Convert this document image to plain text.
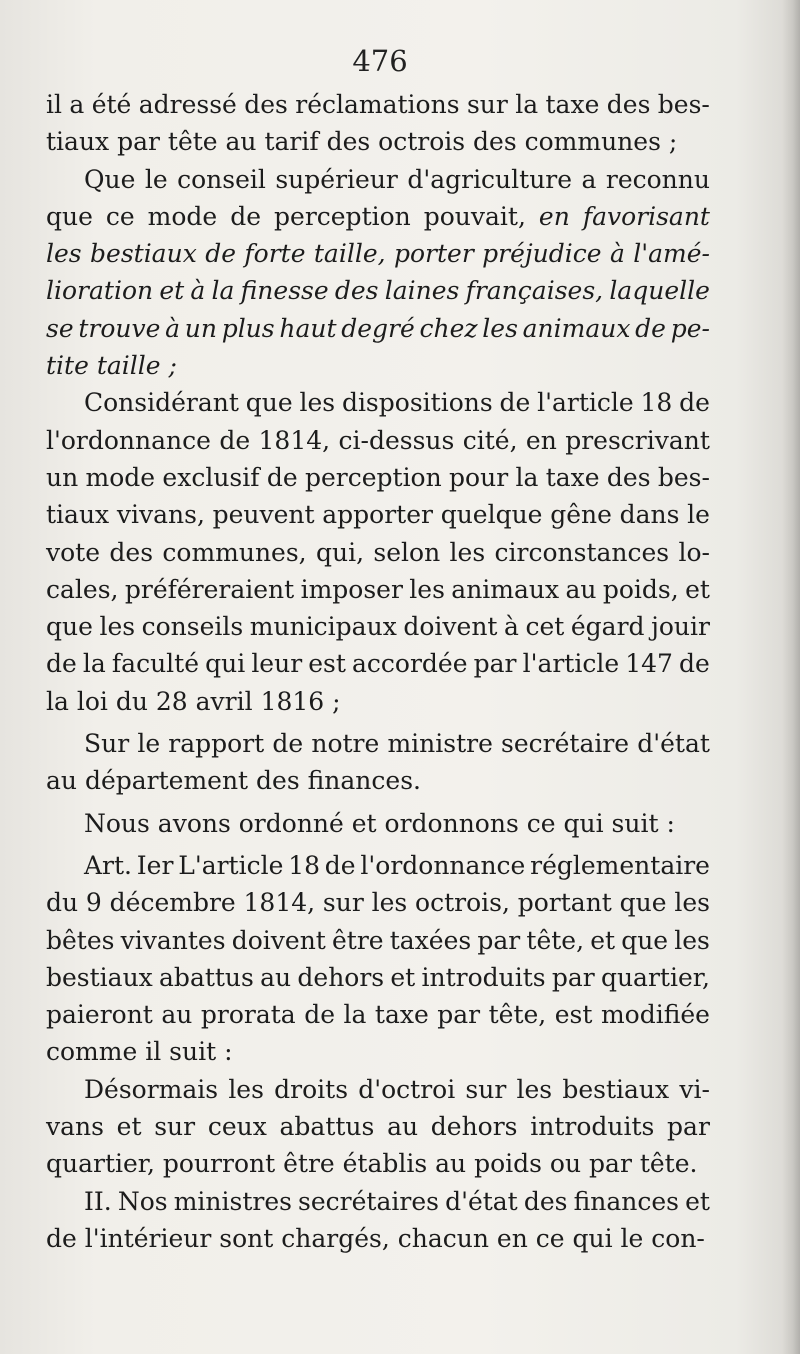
476
il a été adressé des réclamations sur la taxe des bes-
tiaux par tête au tarif des octrois des communes ;
Que le conseil supérieur d'agriculture a reconnu
que ce mode de perception pouvait, en favorisant
les bestiaux de forte taille, porter préjudice à l'amé-
lioration et à la finesse des laines françaises, laquelle
se trouve à un plus haut degré chez les animaux de pe-
tite taille ;
Considérant que les dispositions de l'article 18 de
l'ordonnance de 1814, ci-dessus cité, en prescrivant
un mode exclusif de perception pour la taxe des bes-
tiaux vivans, peuvent apporter quelque gêne dans le
vote des communes, qui, selon les circonstances lo-
cales, préféreraient imposer les animaux au poids, et
que les conseils municipaux doivent à cet égard jouir
de la faculté qui leur est accordée par l'article 147 de
la loi du 28 avril 1816 ;
Sur le rapport de notre ministre secrétaire d'état
au département des finances.
Nous avons ordonné et ordonnons ce qui suit :
Art. Ier L'article 18 de l'ordonnance réglementaire
du 9 décembre 1814, sur les octrois, portant que les
bêtes vivantes doivent être taxées par tête, et que les
bestiaux abattus au dehors et introduits par quartier,
paieront au prorata de la taxe par tête, est modifiée
comme il suit :
Désormais les droits d'octroi sur les bestiaux vi-
vans et sur ceux abattus au dehors introduits par
quartier, pourront être établis au poids ou par tête.
II. Nos ministres secrétaires d'état des finances et
de l'intérieur sont chargés, chacun en ce qui le con-
